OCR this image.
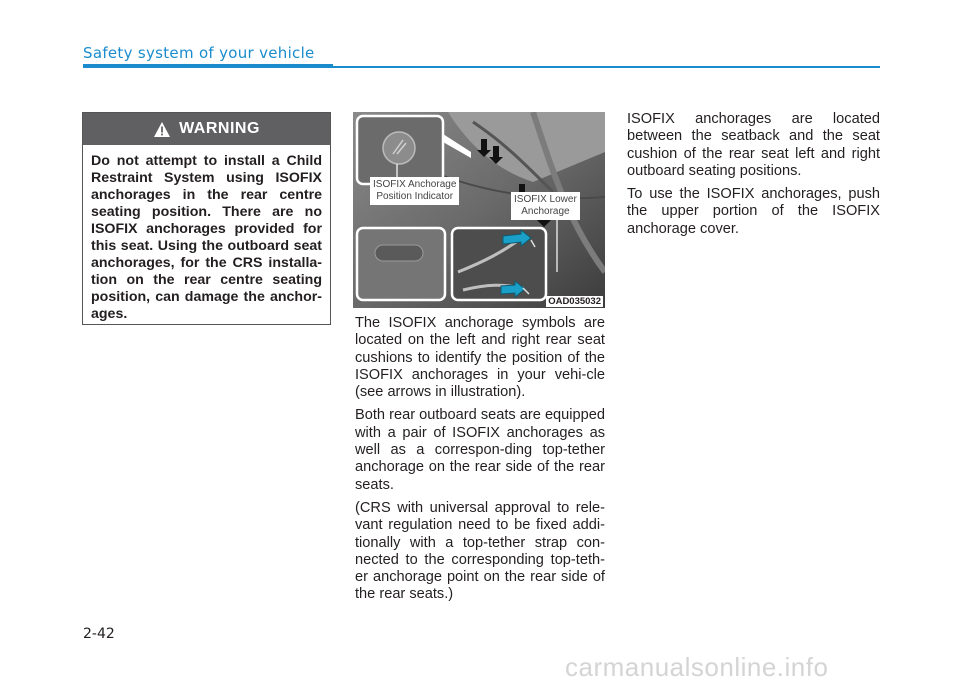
Safety system of your vehicle
WARNING

Do not attempt to install a Child Restraint System using ISOFIX anchorages in the rear centre seating position. There are no ISOFIX anchorages provided for this seat. Using the outboard seat anchorages, for the CRS installa-tion on the rear centre seating position, can damage the anchor-ages.

ISOFIX Anchorage
Position Indicator	ISOFIX Lower
Anchorage
OAD035032

The ISOFIX anchorage symbols are located on the left and right rear seat cushions to identify the position of the ISOFIX anchorages in your vehi-cle (see arrows in illustration).

Both rear outboard seats are equipped with a pair of ISOFIX anchorages as well as a correspon-ding top-tether anchorage on the rear side of the rear seats.

(CRS with universal approval to rele-vant regulation need to be fixed addi-tionally with a top-tether strap con-nected to the corresponding top-teth-er anchorage point on the rear side of the rear seats.)

ISOFIX anchorages are located between the seatback and the seat cushion of the rear seat left and right outboard seating positions.

To use the ISOFIX anchorages, push the upper portion of the ISOFIX anchorage cover.

2-42
carmanualsonline.info
